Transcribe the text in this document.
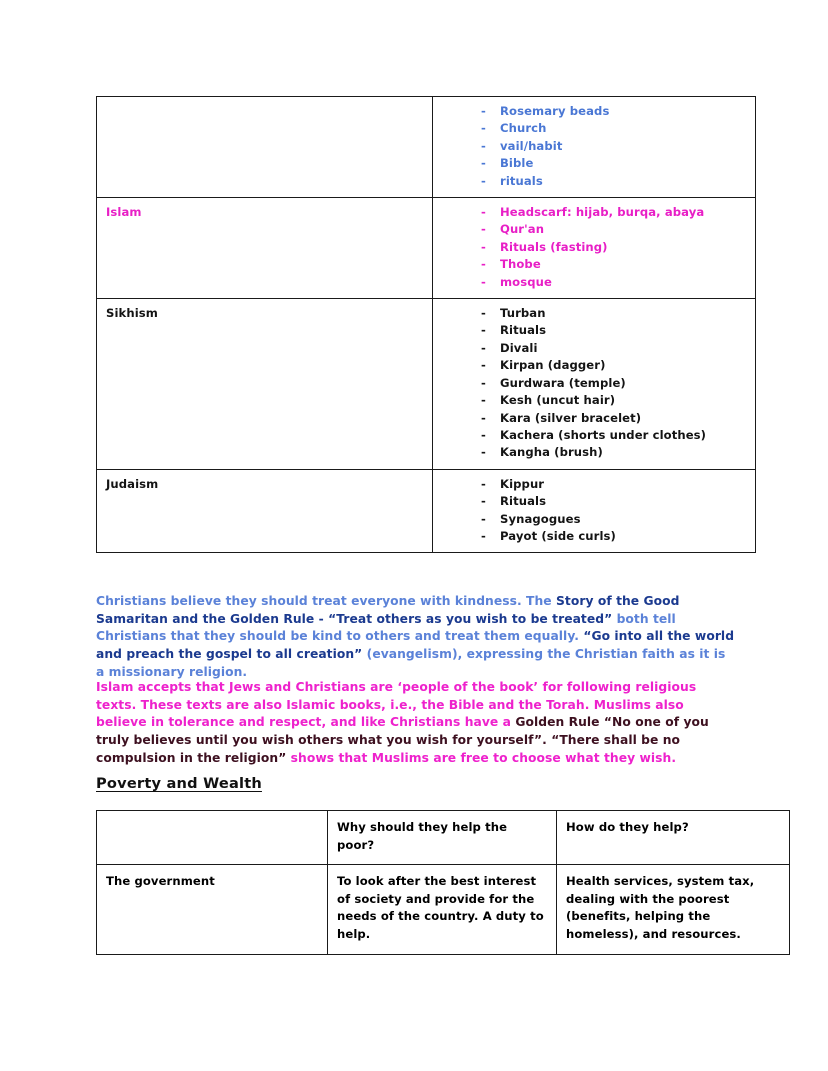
- Rosemary beads
- Church
- vail/habit
- Bible
- rituals

Islam	- Headscarf: hijab, burqa, abaya
- Qur'an
- Rituals (fasting)
- Thobe
- mosque

Sikhism	- Turban
- Rituals
- Divali
- Kirpan (dagger)
- Gurdwara (temple)
- Kesh (uncut hair)
- Kara (silver bracelet)
- Kachera (shorts under clothes)
- Kangha (brush)

Judaism	- Kippur
- Rituals
- Synagogues
- Payot (side curls)

Christians believe they should treat everyone with kindness. The Story of the Good Samaritan and the Golden Rule - “Treat others as you wish to be treated” both tell Christians that they should be kind to others and treat them equally. “Go into all the world and preach the gospel to all creation” (evangelism), expressing the Christian faith as it is a missionary religion.

Islam accepts that Jews and Christians are ‘people of the book’ for following religious texts. These texts are also Islamic books, i.e., the Bible and the Torah. Muslims also believe in tolerance and respect, and like Christians have a Golden Rule “No one of you truly believes until you wish others what you wish for yourself”. “There shall be no compulsion in the religion” shows that Muslims are free to choose what they wish.

Poverty and Wealth
	Why should they help the poor?	How do they help?
The government	To look after the best interest of society and provide for the needs of the country. A duty to help.	Health services, system tax, dealing with the poorest (benefits, helping the homeless), and resources.
